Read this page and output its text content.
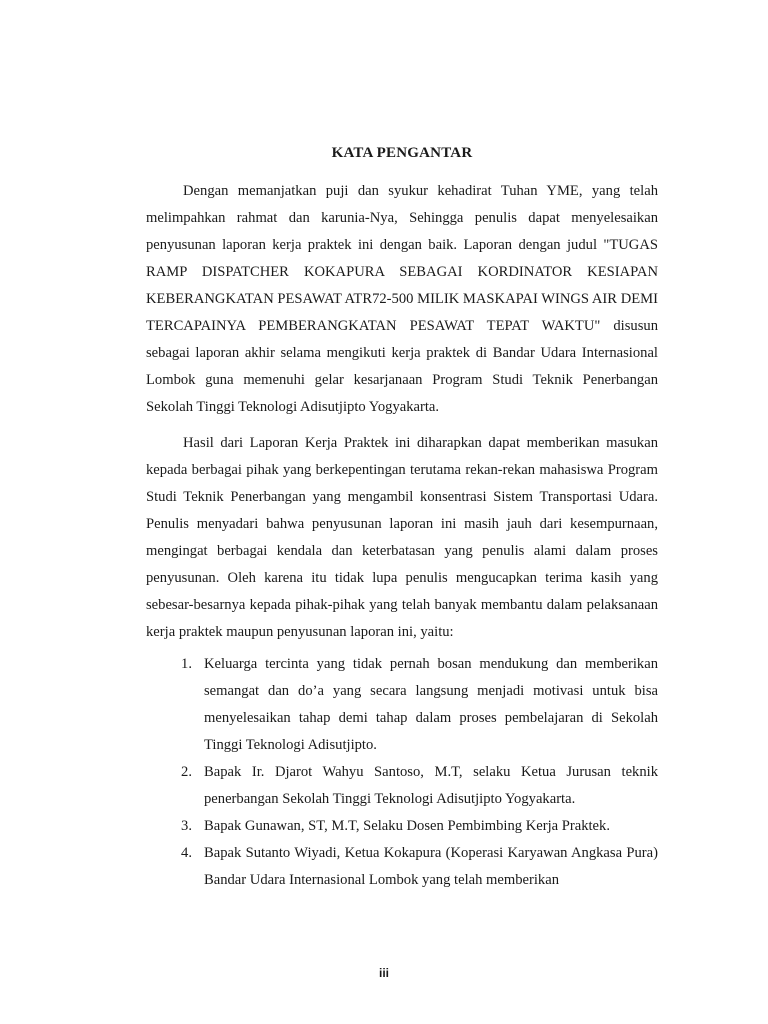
KATA PENGANTAR

Dengan memanjatkan puji dan syukur kehadirat Tuhan YME, yang telah melimpahkan rahmat dan karunia-Nya, Sehingga penulis dapat menyelesaikan penyusunan laporan kerja praktek ini dengan baik. Laporan dengan judul "TUGAS RAMP DISPATCHER KOKAPURA SEBAGAI KORDINATOR KESIAPAN KEBERANGKATAN PESAWAT ATR72-500 MILIK MASKAPAI WINGS AIR DEMI TERCAPAINYA PEMBERANGKATAN PESAWAT TEPAT WAKTU" disusun sebagai laporan akhir selama mengikuti kerja praktek di Bandar Udara Internasional Lombok guna memenuhi gelar kesarjanaan Program Studi Teknik Penerbangan Sekolah Tinggi Teknologi Adisutjipto Yogyakarta.

Hasil dari Laporan Kerja Praktek ini diharapkan dapat memberikan masukan kepada berbagai pihak yang berkepentingan terutama rekan-rekan mahasiswa Program Studi Teknik Penerbangan yang mengambil konsentrasi Sistem Transportasi Udara. Penulis menyadari bahwa penyusunan laporan ini masih jauh dari kesempurnaan, mengingat berbagai kendala dan keterbatasan yang penulis alami dalam proses penyusunan. Oleh karena itu tidak lupa penulis mengucapkan terima kasih yang sebesar-besarnya kepada pihak-pihak yang telah banyak membantu dalam pelaksanaan kerja praktek maupun penyusunan laporan ini, yaitu:

1. Keluarga tercinta yang tidak pernah bosan mendukung dan memberikan semangat dan do’a yang secara langsung menjadi motivasi untuk bisa menyelesaikan tahap demi tahap dalam proses pembelajaran di Sekolah Tinggi Teknologi Adisutjipto.
2. Bapak Ir. Djarot Wahyu Santoso, M.T, selaku Ketua Jurusan teknik penerbangan Sekolah Tinggi Teknologi Adisutjipto Yogyakarta.
3. Bapak Gunawan, ST, M.T, Selaku Dosen Pembimbing Kerja Praktek.
4. Bapak Sutanto Wiyadi, Ketua Kokapura (Koperasi Karyawan Angkasa Pura) Bandar Udara Internasional Lombok yang telah memberikan
iii
